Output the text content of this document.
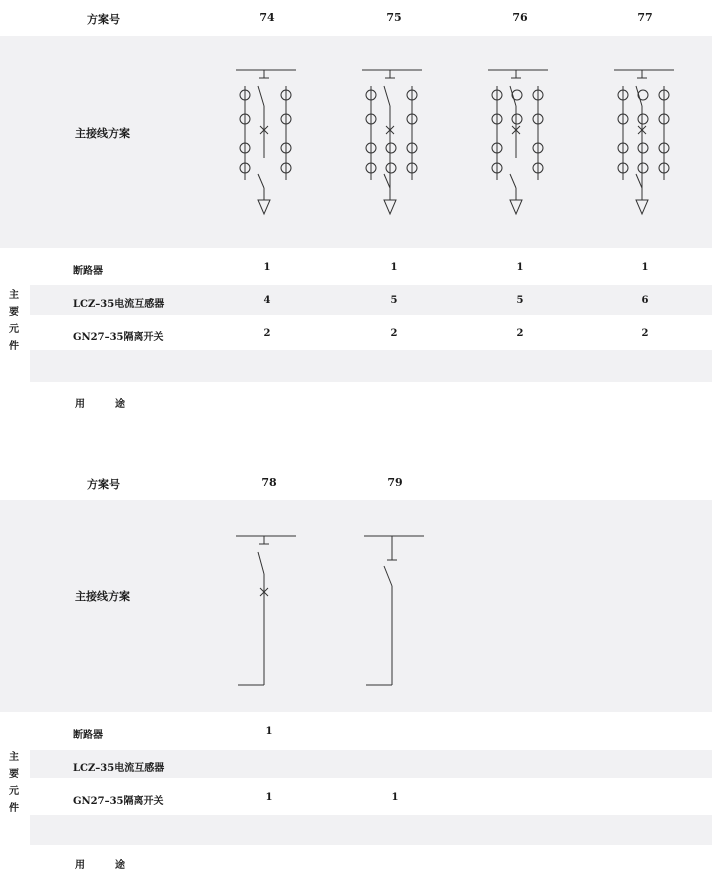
方案号	74	75	76	77
主接线方案
主
要
元
件
断路器	1	1	1	1
LCZ–35电流互感器	4	5	5	6
GN27–35隔离开关	2	2	2	2
用　　　途
方案号	78	79
主接线方案
主
要
元
件
断路器	1
LCZ–35电流互感器
GN27–35隔离开关	1	1
用　　　途
